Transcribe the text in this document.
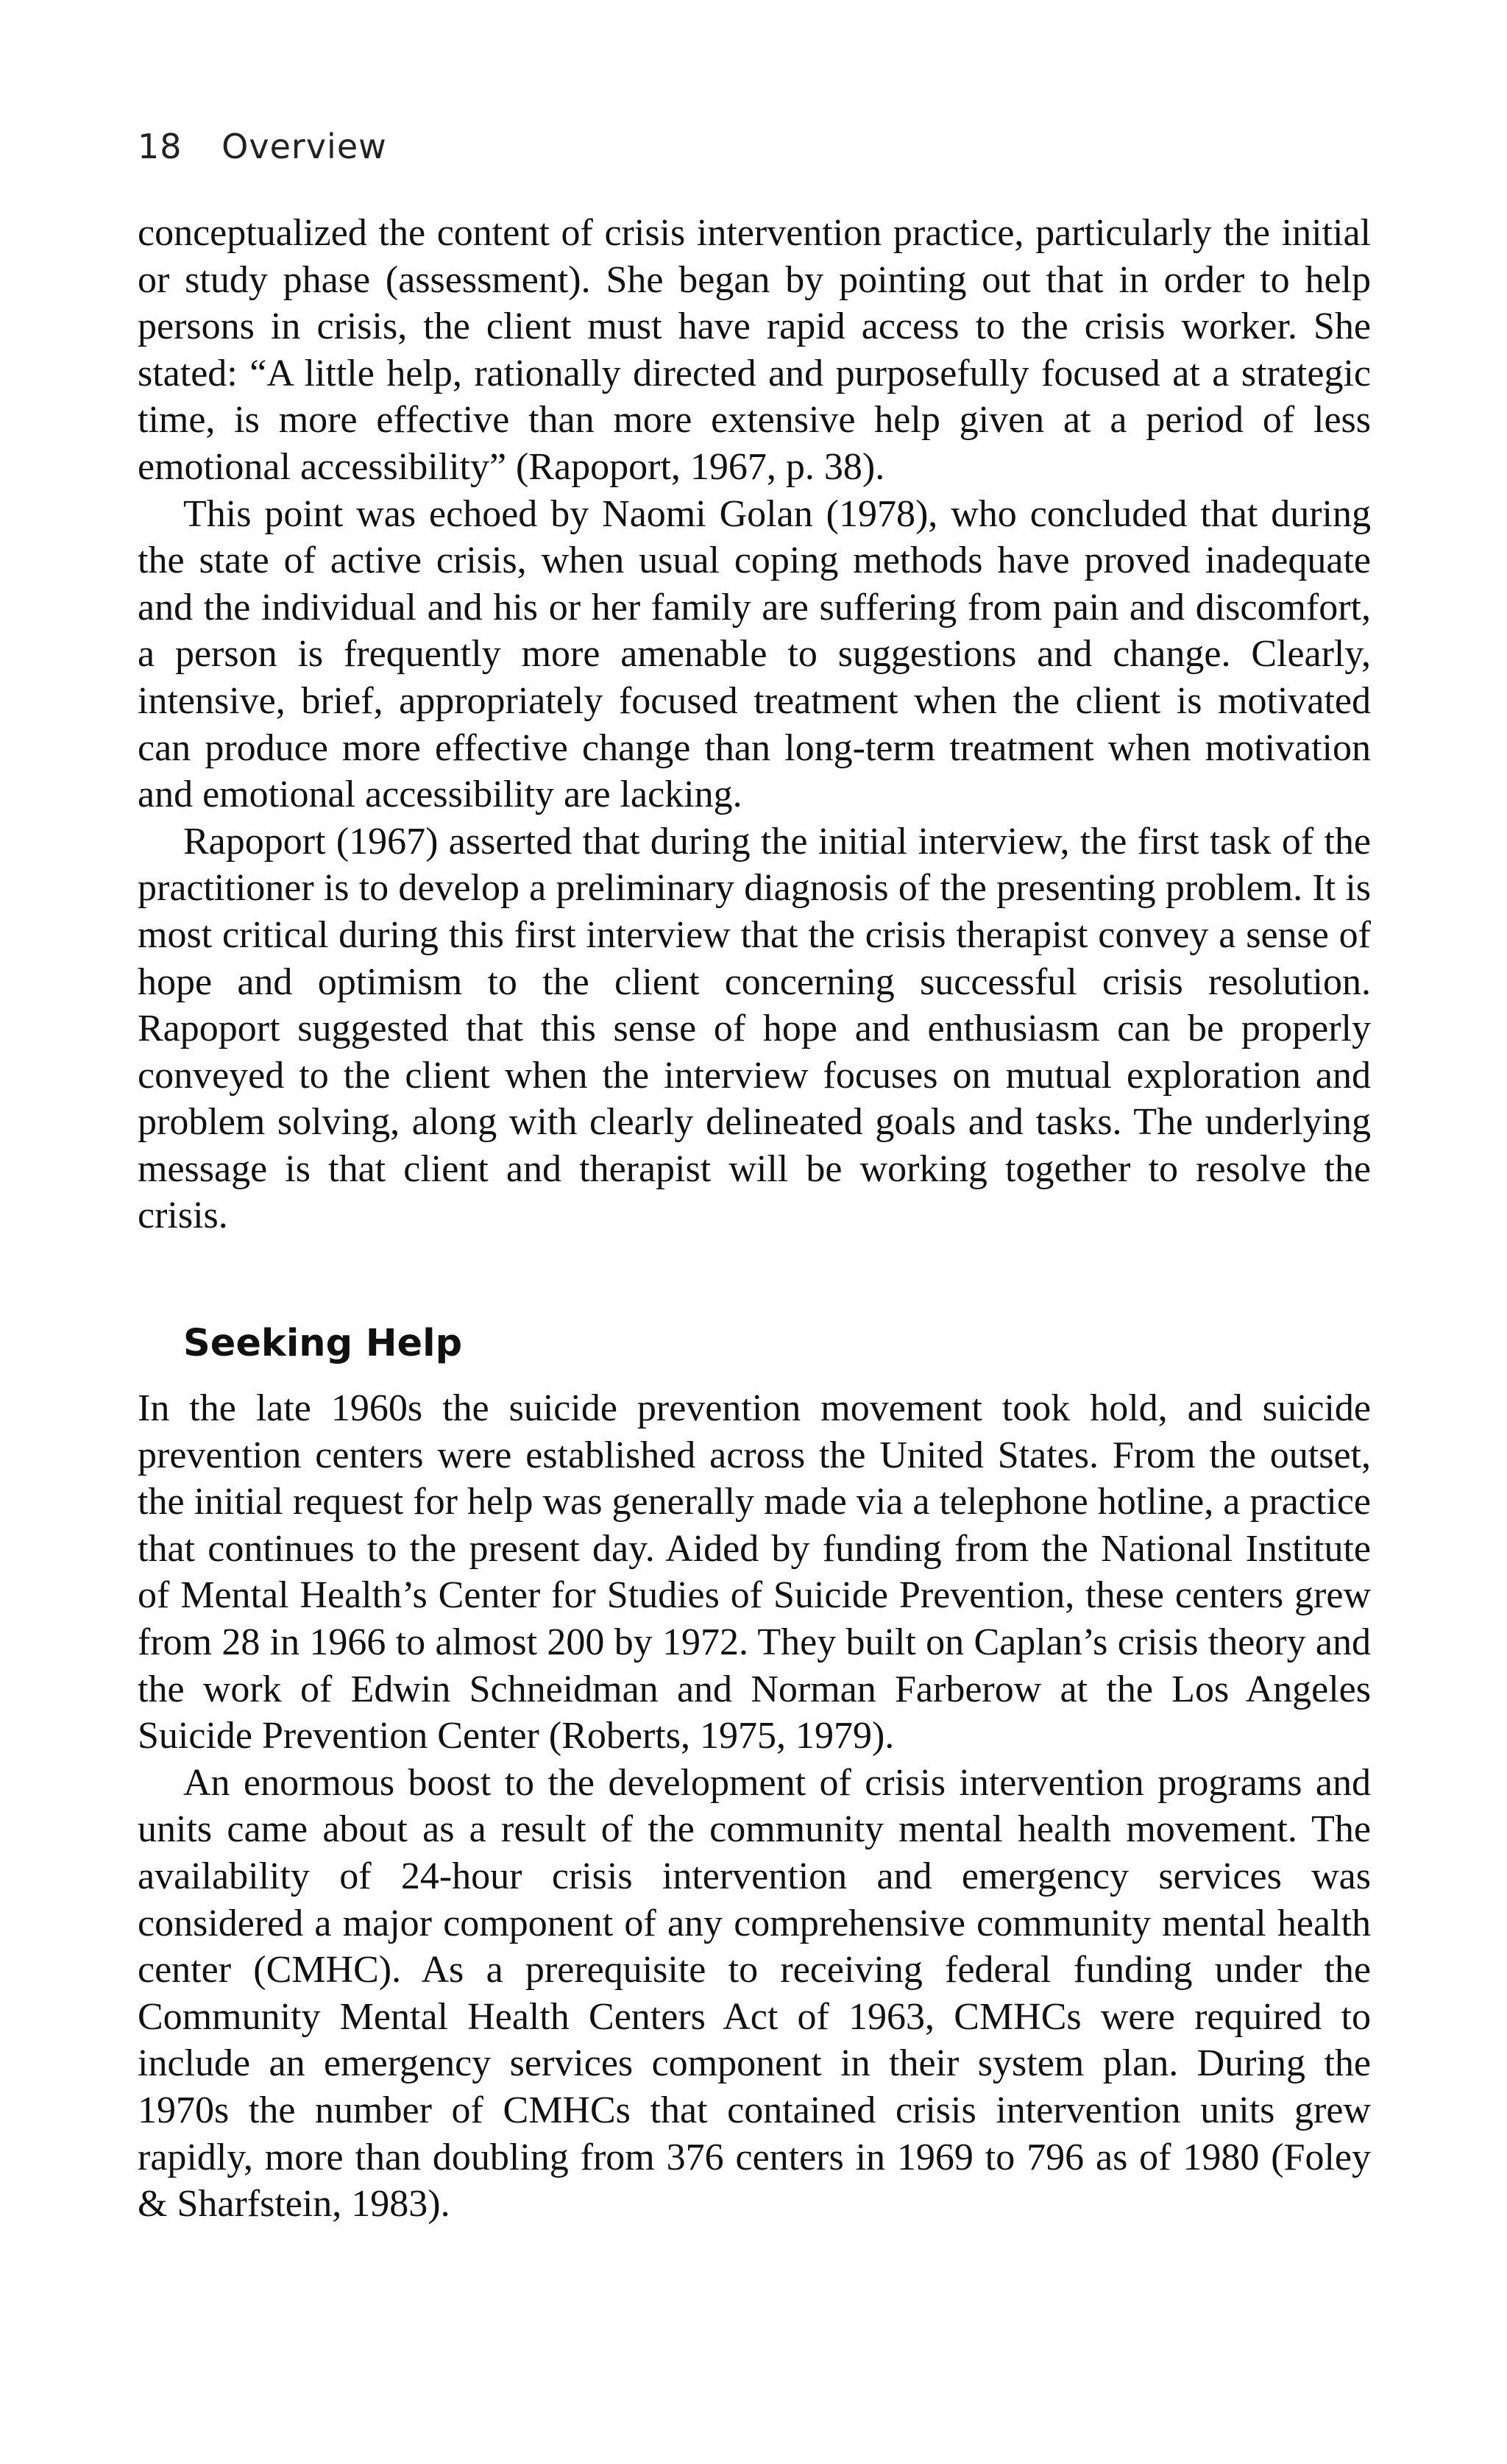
18 Overview

conceptualized the content of crisis intervention practice, particularly the initial or study phase (assessment). She began by pointing out that in order to help persons in crisis, the client must have rapid access to the crisis worker. She stated: “A little help, rationally directed and purposefully focused at a strategic time, is more effective than more extensive help given at a period of less emotional accessibility” (Rapoport, 1967, p. 38).

This point was echoed by Naomi Golan (1978), who concluded that during the state of active crisis, when usual coping methods have proved inadequate and the individual and his or her family are suffering from pain and discomfort, a person is frequently more amenable to suggestions and change. Clearly, intensive, brief, appropriately focused treatment when the client is motivated can produce more effective change than long-term treatment when motivation and emotional accessibility are lacking.

Rapoport (1967) asserted that during the initial interview, the first task of the practitioner is to develop a preliminary diagnosis of the presenting problem. It is most critical during this first interview that the crisis therapist convey a sense of hope and optimism to the client concerning successful crisis resolution. Rapoport suggested that this sense of hope and enthusiasm can be properly conveyed to the client when the interview focuses on mutual exploration and problem solving, along with clearly delineated goals and tasks. The underlying message is that client and therapist will be working together to resolve the crisis.

Seeking Help

In the late 1960s the suicide prevention movement took hold, and suicide prevention centers were established across the United States. From the outset, the initial request for help was generally made via a telephone hotline, a practice that continues to the present day. Aided by funding from the National Institute of Mental Health’s Center for Studies of Suicide Prevention, these centers grew from 28 in 1966 to almost 200 by 1972. They built on Caplan’s crisis theory and the work of Edwin Schneidman and Norman Farberow at the Los Angeles Suicide Prevention Center (Roberts, 1975, 1979).

An enormous boost to the development of crisis intervention programs and units came about as a result of the community mental health movement. The availability of 24-hour crisis intervention and emergency services was considered a major component of any comprehensive community mental health center (CMHC). As a prerequisite to receiving federal funding under the Community Mental Health Centers Act of 1963, CMHCs were required to include an emergency services component in their system plan. During the 1970s the number of CMHCs that contained crisis intervention units grew rapidly, more than doubling from 376 centers in 1969 to 796 as of 1980 (Foley & Sharfstein, 1983).
